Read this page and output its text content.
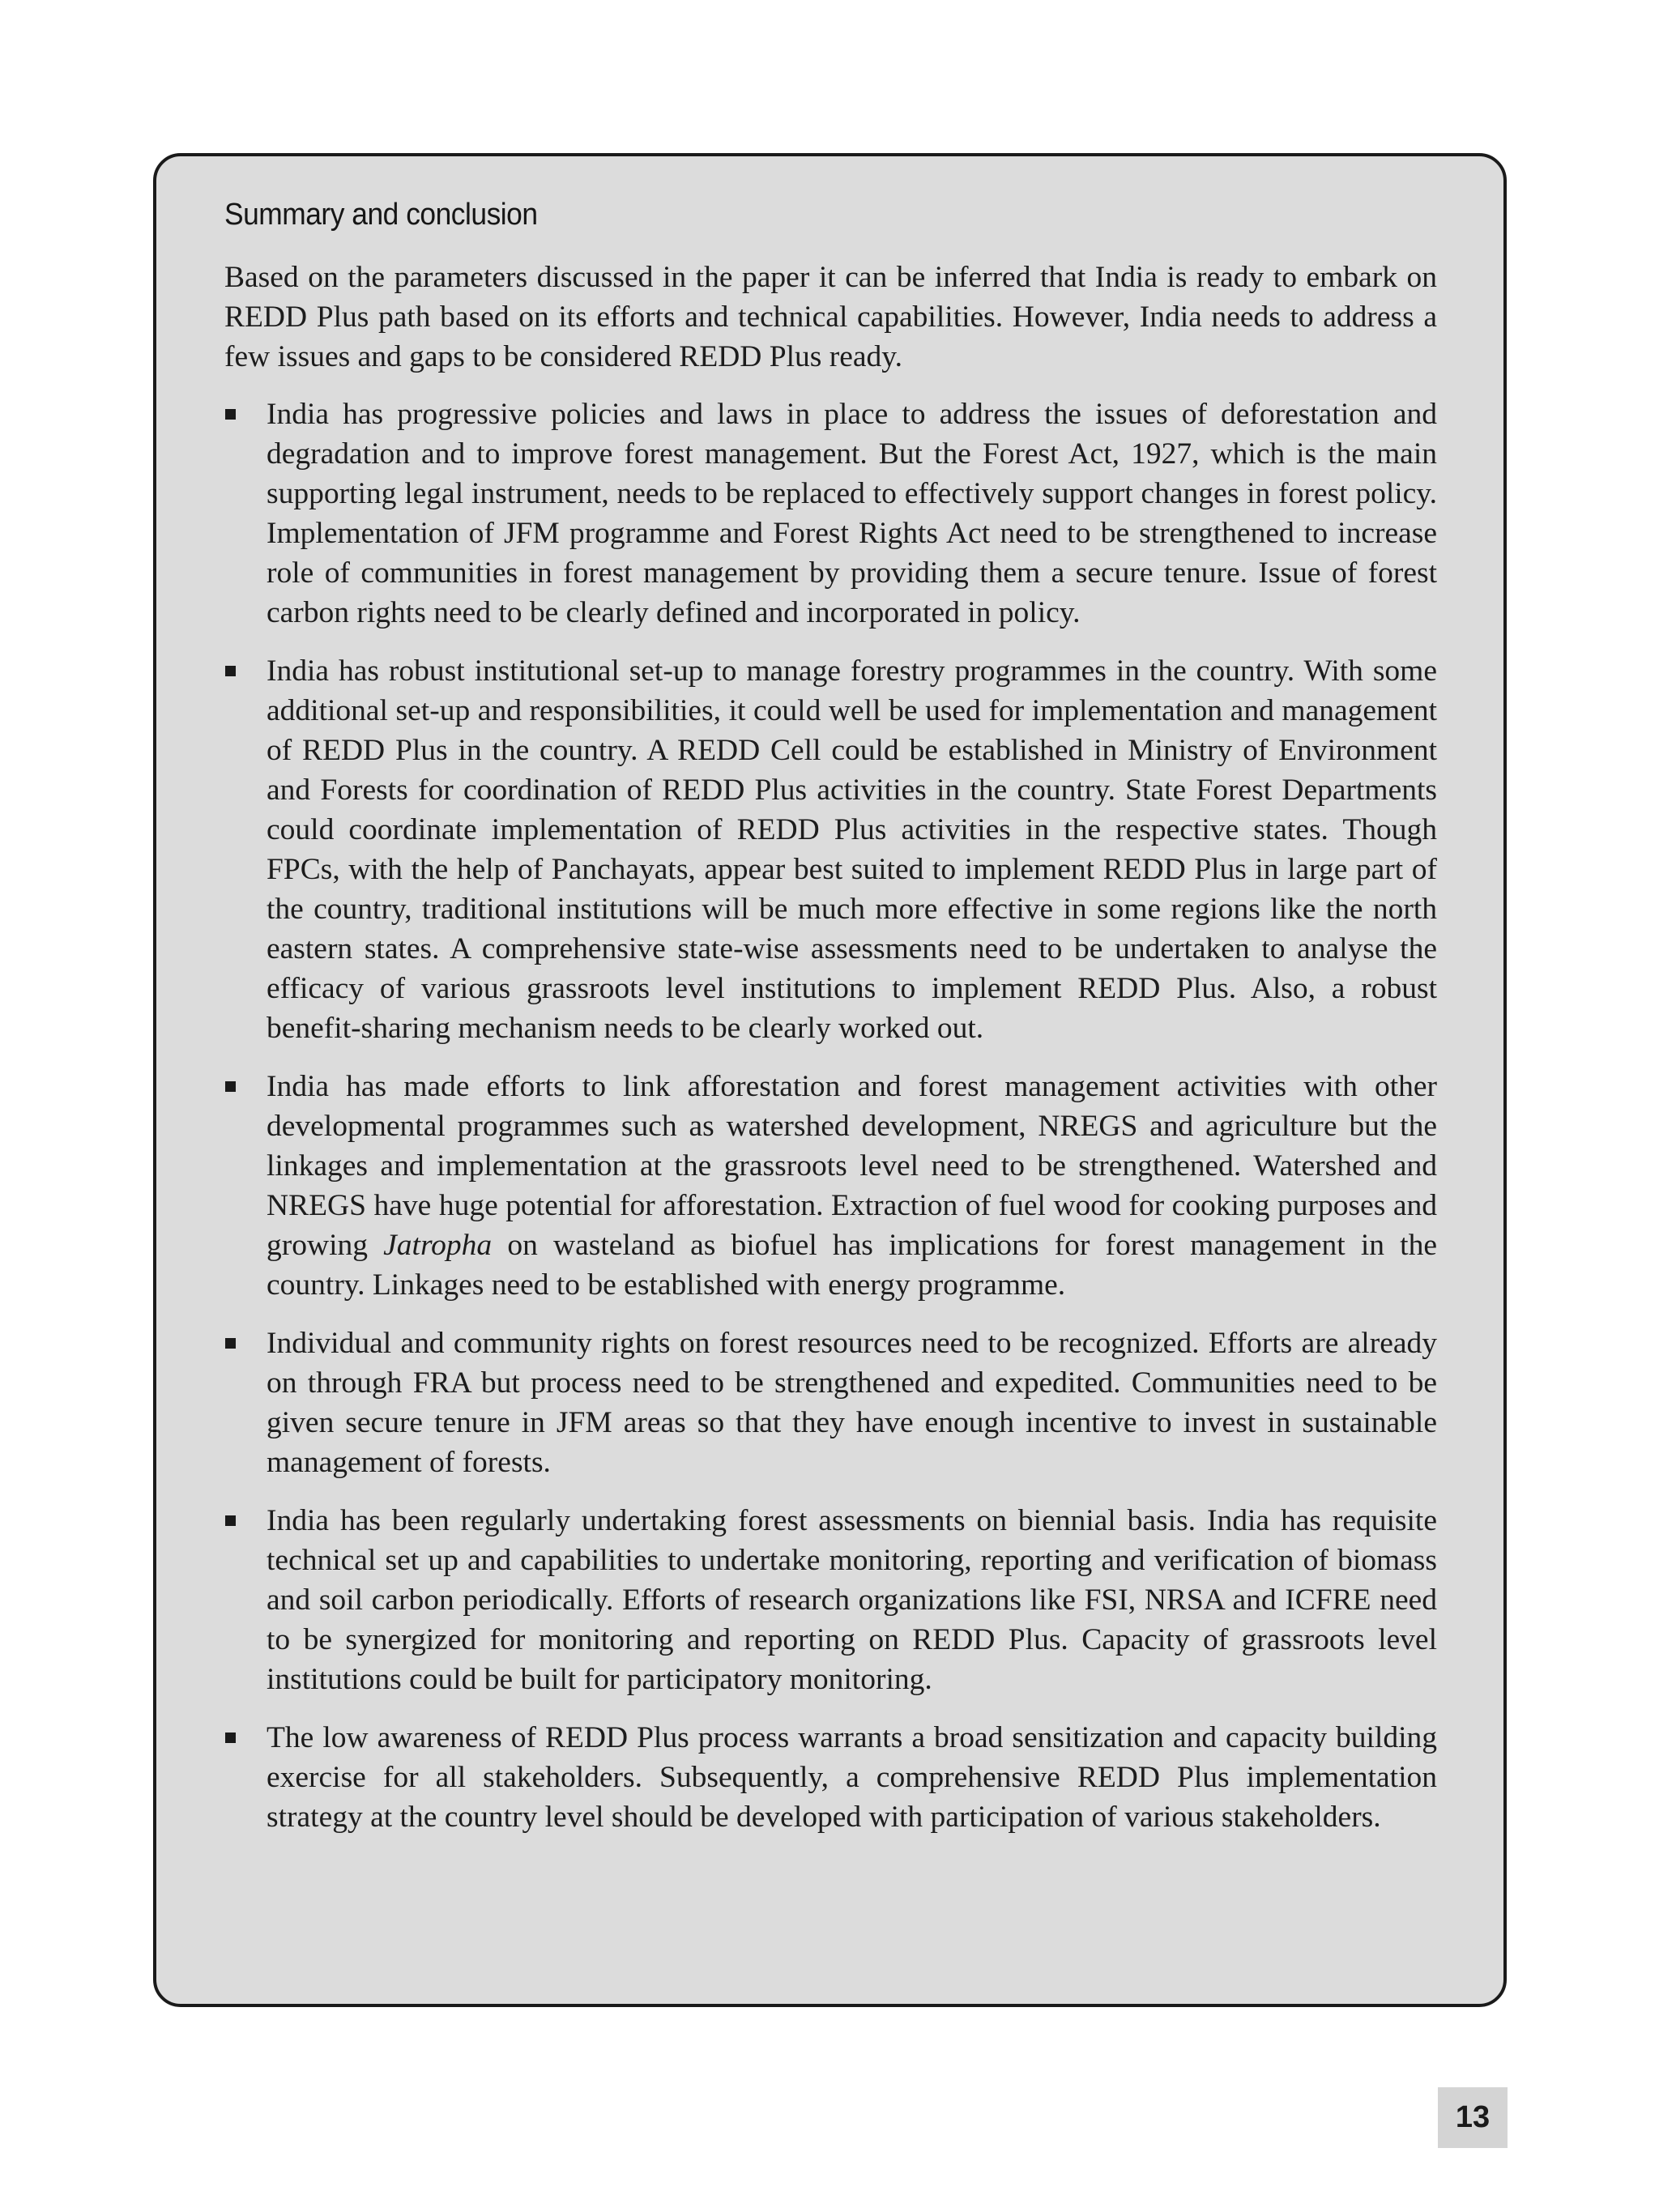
Summary and conclusion

Based on the parameters discussed in the paper it can be inferred that India is ready to embark on REDD Plus path based on its efforts and technical capabilities. However, India needs to address a few issues and gaps to be considered REDD Plus ready.

India has progressive policies and laws in place to address the issues of deforestation and degradation and to improve forest management. But the Forest Act, 1927, which is the main supporting legal instrument, needs to be replaced to effectively support changes in forest policy. Implementation of JFM programme and Forest Rights Act need to be strengthened to increase role of communities in forest management by providing them a secure tenure. Issue of forest carbon rights need to be clearly defined and incorporated in policy.
India has robust institutional set-up to manage forestry programmes in the country. With some additional set-up and responsibilities, it could well be used for implementation and management of REDD Plus in the country. A REDD Cell could be established in Ministry of Environment and Forests for coordination of REDD Plus activities in the country. State Forest Departments could coordinate implementation of REDD Plus activities in the respective states. Though FPCs, with the help of Panchayats, appear best suited to implement REDD Plus in large part of the country, traditional institutions will be much more effective in some regions like the north eastern states. A comprehensive state-wise assessments need to be undertaken to analyse the efficacy of various grassroots level institutions to implement REDD Plus. Also, a robust benefit-sharing mechanism needs to be clearly worked out.
India has made efforts to link afforestation and forest management activities with other developmental programmes such as watershed development, NREGS and agriculture but the linkages and implementation at the grassroots level need to be strengthened. Watershed and NREGS have huge potential for afforestation. Extraction of fuel wood for cooking purposes and growing Jatropha on wasteland as biofuel has implications for forest management in the country. Linkages need to be established with energy programme.
Individual and community rights on forest resources need to be recognized. Efforts are already on through FRA but process need to be strengthened and expedited. Communities need to be given secure tenure in JFM areas so that they have enough incentive to invest in sustainable management of forests.
India has been regularly undertaking forest assessments on biennial basis. India has requisite technical set up and capabilities to undertake monitoring, reporting and verification of biomass and soil carbon periodically. Efforts of research organizations like FSI, NRSA and ICFRE need to be synergized for monitoring and reporting on REDD Plus. Capacity of grassroots level institutions could be built for participatory monitoring.
The low awareness of REDD Plus process warrants a broad sensitization and capacity building exercise for all stakeholders. Subsequently, a comprehensive REDD Plus implementation strategy at the country level should be developed with participation of various stakeholders.
13
